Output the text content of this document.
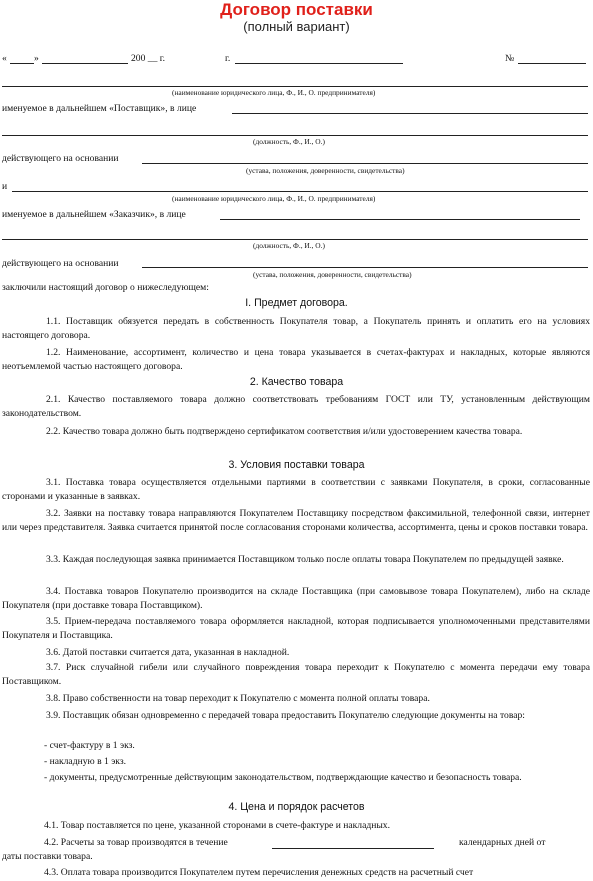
Договор поставки
(полный вариант)
«	»	200 __ г.	г.	№
(наименование юридического лица, Ф., И., О. предпринимателя)
именуемое в дальнейшем «Поставщик», в лице
(должность, Ф., И., О.)
действующего на основании
(устава, положения, доверенности, свидетельства)
и
(наименование юридического лица, Ф., И., О. предпринимателя)
именуемое в дальнейшем «Заказчик», в лице
(должность, Ф., И., О.)
действующего на основании
(устава, положения, доверенности, свидетельства)
заключили настоящий договор о нижеследующем:
I. Предмет договора.
1.1. Поставщик обязуется передать в собственность Покупателя товар, а Покупатель принять и оплатить его на условиях настоящего договора.
1.2. Наименование, ассортимент, количество и цена товара указывается в счетах-фактурах и накладных, которые являются неотъемлемой частью настоящего договора.
2. Качество товара
2.1. Качество поставляемого товара должно соответствовать требованиям ГОСТ или ТУ, установленным действующим законодательством.
2.2. Качество товара должно быть подтверждено сертификатом соответствия и/или удостоверением качества товара.
3. Условия поставки товара
3.1. Поставка товара осуществляется отдельными партиями в соответствии с заявками Покупателя, в сроки, согласованные сторонами и указанные в заявках.
3.2. Заявки на поставку товара направляются Покупателем Поставщику посредством факсимильной, телефонной связи, интернет или через представителя. Заявка считается принятой после согласования сторонами количества, ассортимента, цены и сроков поставки товара.
3.3. Каждая последующая заявка принимается Поставщиком только после оплаты товара Покупателем по предыдущей заявке.
3.4. Поставка товаров Покупателю производится на складе Поставщика (при самовывозе товара Покупателем), либо на складе Покупателя (при доставке товара Поставщиком).
3.5. Прием-передача поставляемого товара оформляется накладной, которая подписывается уполномоченными представителями Покупателя и Поставщика.
3.6. Датой поставки считается дата, указанная в накладной.
3.7. Риск случайной гибели или случайного повреждения товара переходит к Покупателю с момента передачи ему товара Поставщиком.
3.8. Право собственности на товар переходит к Покупателю с момента полной оплаты товара.
3.9. Поставщик обязан одновременно с передачей товара предоставить Покупателю следующие документы на товар:
- счет-фактуру в 1 экз.
- накладную в 1 экз.
- документы, предусмотренные действующим законодательством, подтверждающие качество и безопасность товара.
4. Цена и порядок расчетов
4.1. Товар поставляется по цене, указанной сторонами в счете-фактуре и накладных.
4.2. Расчеты за товар производятся в течение	календарных дней от
даты поставки товара.
4.3. Оплата товара производится Покупателем путем перечисления денежных средств на расчетный счет
